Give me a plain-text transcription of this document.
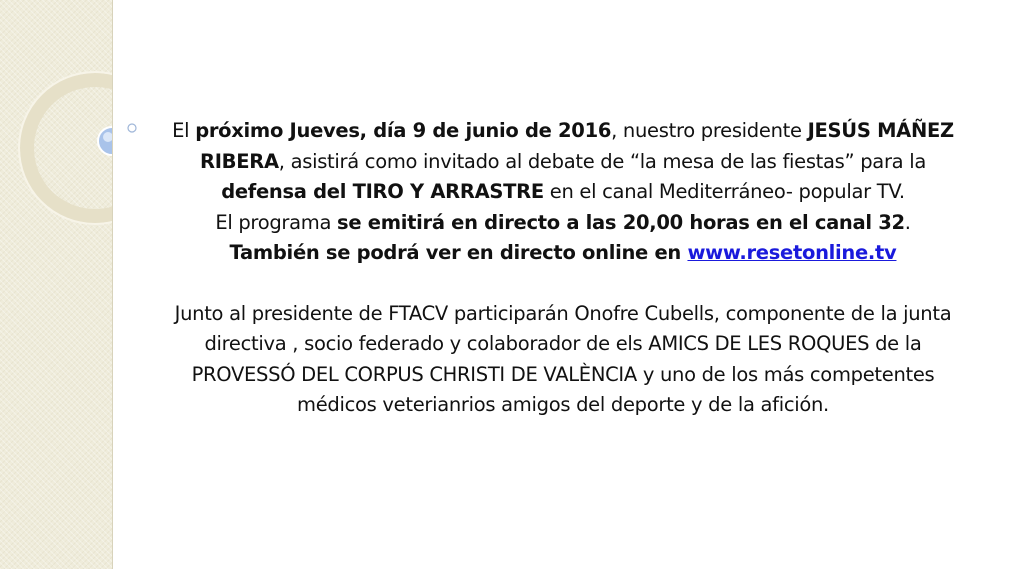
El próximo Jueves, día 9 de junio de 2016, nuestro presidente JESÚS MÁÑEZ RIBERA, asistirá como invitado al debate de “la mesa de las fiestas” para la defensa del TIRO Y ARRASTRE en el canal Mediterráneo- popular TV.

El programa se emitirá en directo a las 20,00 horas en el canal 32.

También se podrá ver en directo online en www.resetonline.tv

Junto al presidente de FTACV participarán Onofre Cubells, componente de la junta directiva , socio federado y colaborador de els AMICS DE LES ROQUES de la PROVESSÓ DEL CORPUS CHRISTI DE VALÈNCIA y uno de los más competentes médicos veterianrios amigos del deporte y de la afición.
